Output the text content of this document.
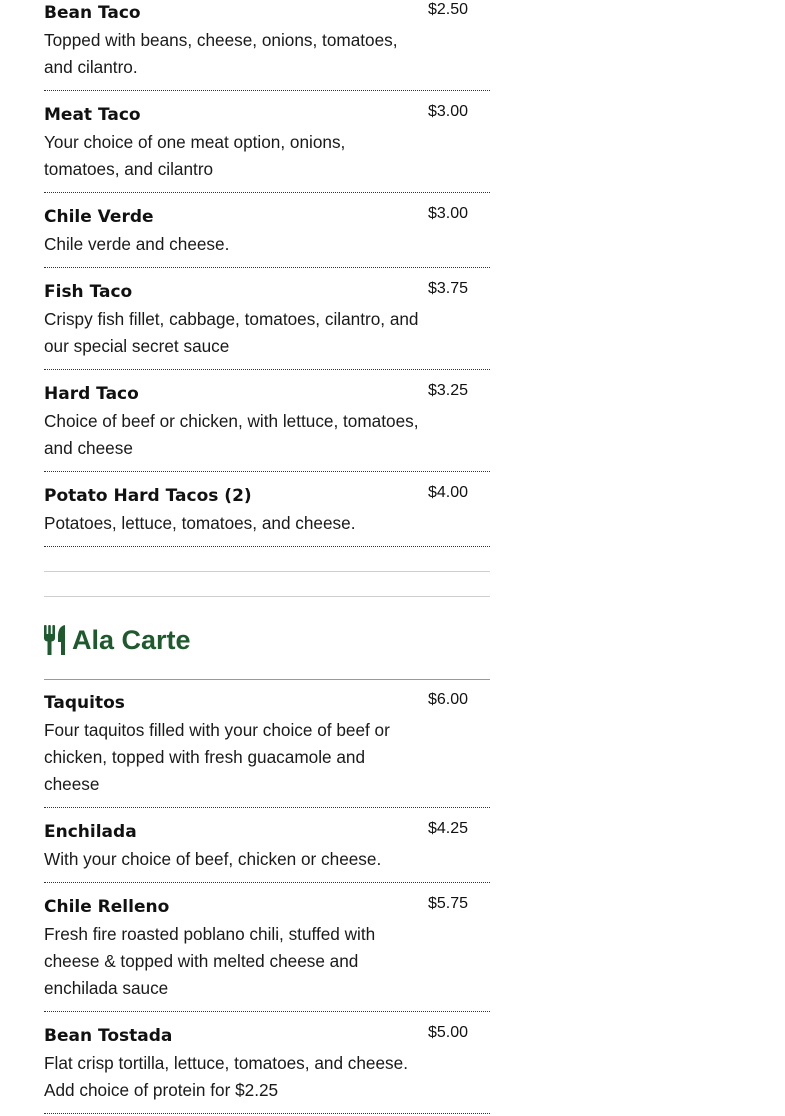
Bean Taco	$2.50
Topped with beans, cheese, onions, tomatoes, and cilantro.
Meat Taco	$3.00
Your choice of one meat option, onions, tomatoes, and cilantro
Chile Verde	$3.00
Chile verde and cheese.
Fish Taco	$3.75
Crispy fish fillet, cabbage, tomatoes, cilantro, and our special secret sauce
Hard Taco	$3.25
Choice of beef or chicken, with lettuce, tomatoes, and cheese
Potato Hard Tacos (2)	$4.00
Potatoes, lettuce, tomatoes, and cheese.
Ala Carte
Taquitos	$6.00
Four taquitos filled with your choice of beef or chicken, topped with fresh guacamole and cheese
Enchilada	$4.25
With your choice of beef, chicken or cheese.
Chile Relleno	$5.75
Fresh fire roasted poblano chili, stuffed with cheese & topped with melted cheese and enchilada sauce
Bean Tostada	$5.00
Flat crisp tortilla, lettuce, tomatoes, and cheese. Add choice of protein for $2.25
